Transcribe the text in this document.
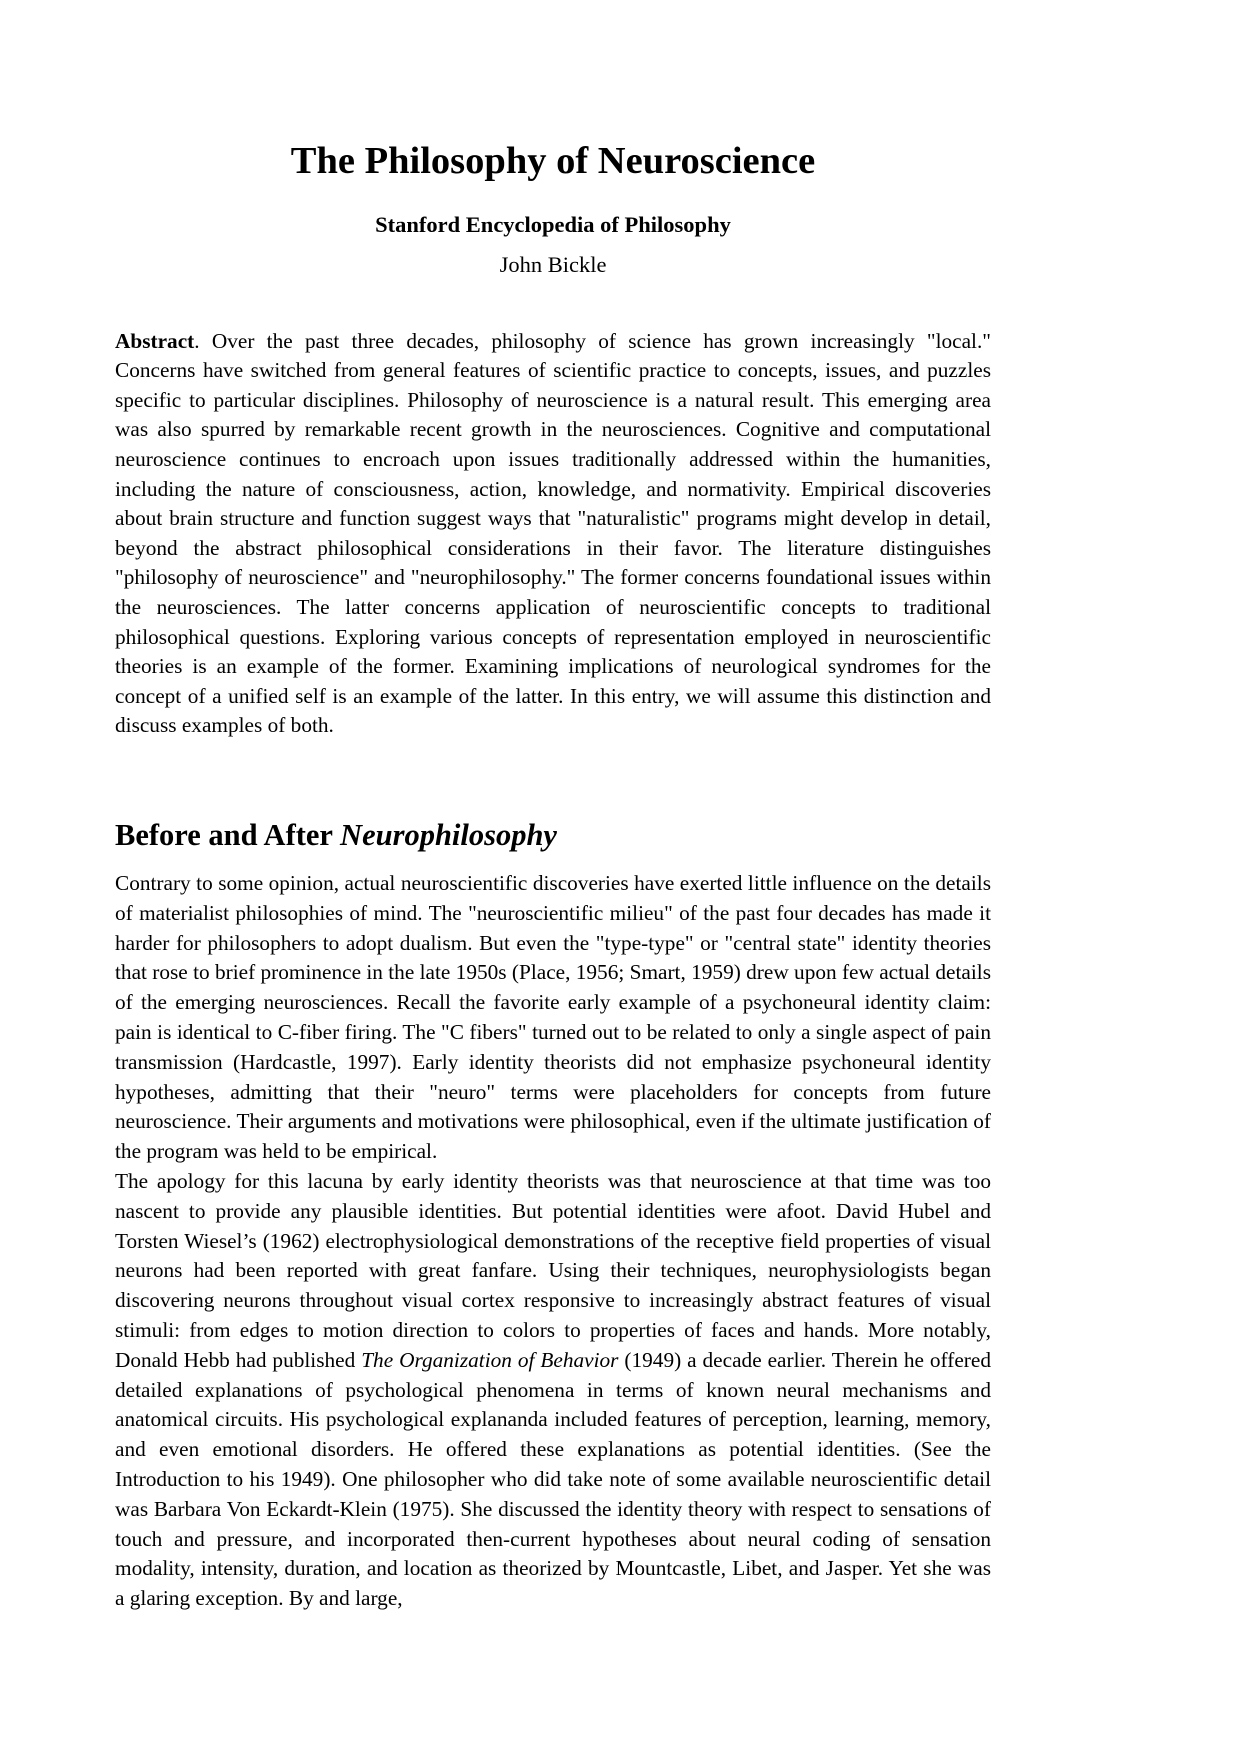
The Philosophy of Neuroscience
Stanford Encyclopedia of Philosophy

John Bickle

Abstract. Over the past three decades, philosophy of science has grown increasingly "local." Concerns have switched from general features of scientific practice to concepts, issues, and puzzles specific to particular disciplines. Philosophy of neuroscience is a natural result. This emerging area was also spurred by remarkable recent growth in the neurosciences. Cognitive and computational neuroscience continues to encroach upon issues traditionally addressed within the humanities, including the nature of consciousness, action, knowledge, and normativity. Empirical discoveries about brain structure and function suggest ways that "naturalistic" programs might develop in detail, beyond the abstract philosophical considerations in their favor. The literature distinguishes "philosophy of neuroscience" and "neurophilosophy." The former concerns foundational issues within the neurosciences. The latter concerns application of neuroscientific concepts to traditional philosophical questions. Exploring various concepts of representation employed in neuroscientific theories is an example of the former. Examining implications of neurological syndromes for the concept of a unified self is an example of the latter. In this entry, we will assume this distinction and discuss examples of both.

Before and After Neurophilosophy

Contrary to some opinion, actual neuroscientific discoveries have exerted little influence on the details of materialist philosophies of mind. The "neuroscientific milieu" of the past four decades has made it harder for philosophers to adopt dualism. But even the "type-type" or "central state" identity theories that rose to brief prominence in the late 1950s (Place, 1956; Smart, 1959) drew upon few actual details of the emerging neurosciences. Recall the favorite early example of a psychoneural identity claim: pain is identical to C-fiber firing. The "C fibers" turned out to be related to only a single aspect of pain transmission (Hardcastle, 1997). Early identity theorists did not emphasize psychoneural identity hypotheses, admitting that their "neuro" terms were placeholders for concepts from future neuroscience. Their arguments and motivations were philosophical, even if the ultimate justification of the program was held to be empirical.

The apology for this lacuna by early identity theorists was that neuroscience at that time was too nascent to provide any plausible identities. But potential identities were afoot. David Hubel and Torsten Wiesel’s (1962) electrophysiological demonstrations of the receptive field properties of visual neurons had been reported with great fanfare. Using their techniques, neurophysiologists began discovering neurons throughout visual cortex responsive to increasingly abstract features of visual stimuli: from edges to motion direction to colors to properties of faces and hands. More notably, Donald Hebb had published The Organization of Behavior (1949) a decade earlier. Therein he offered detailed explanations of psychological phenomena in terms of known neural mechanisms and anatomical circuits. His psychological explananda included features of perception, learning, memory, and even emotional disorders. He offered these explanations as potential identities. (See the Introduction to his 1949). One philosopher who did take note of some available neuroscientific detail was Barbara Von Eckardt-Klein (1975). She discussed the identity theory with respect to sensations of touch and pressure, and incorporated then-current hypotheses about neural coding of sensation modality, intensity, duration, and location as theorized by Mountcastle, Libet, and Jasper. Yet she was a glaring exception. By and large,
